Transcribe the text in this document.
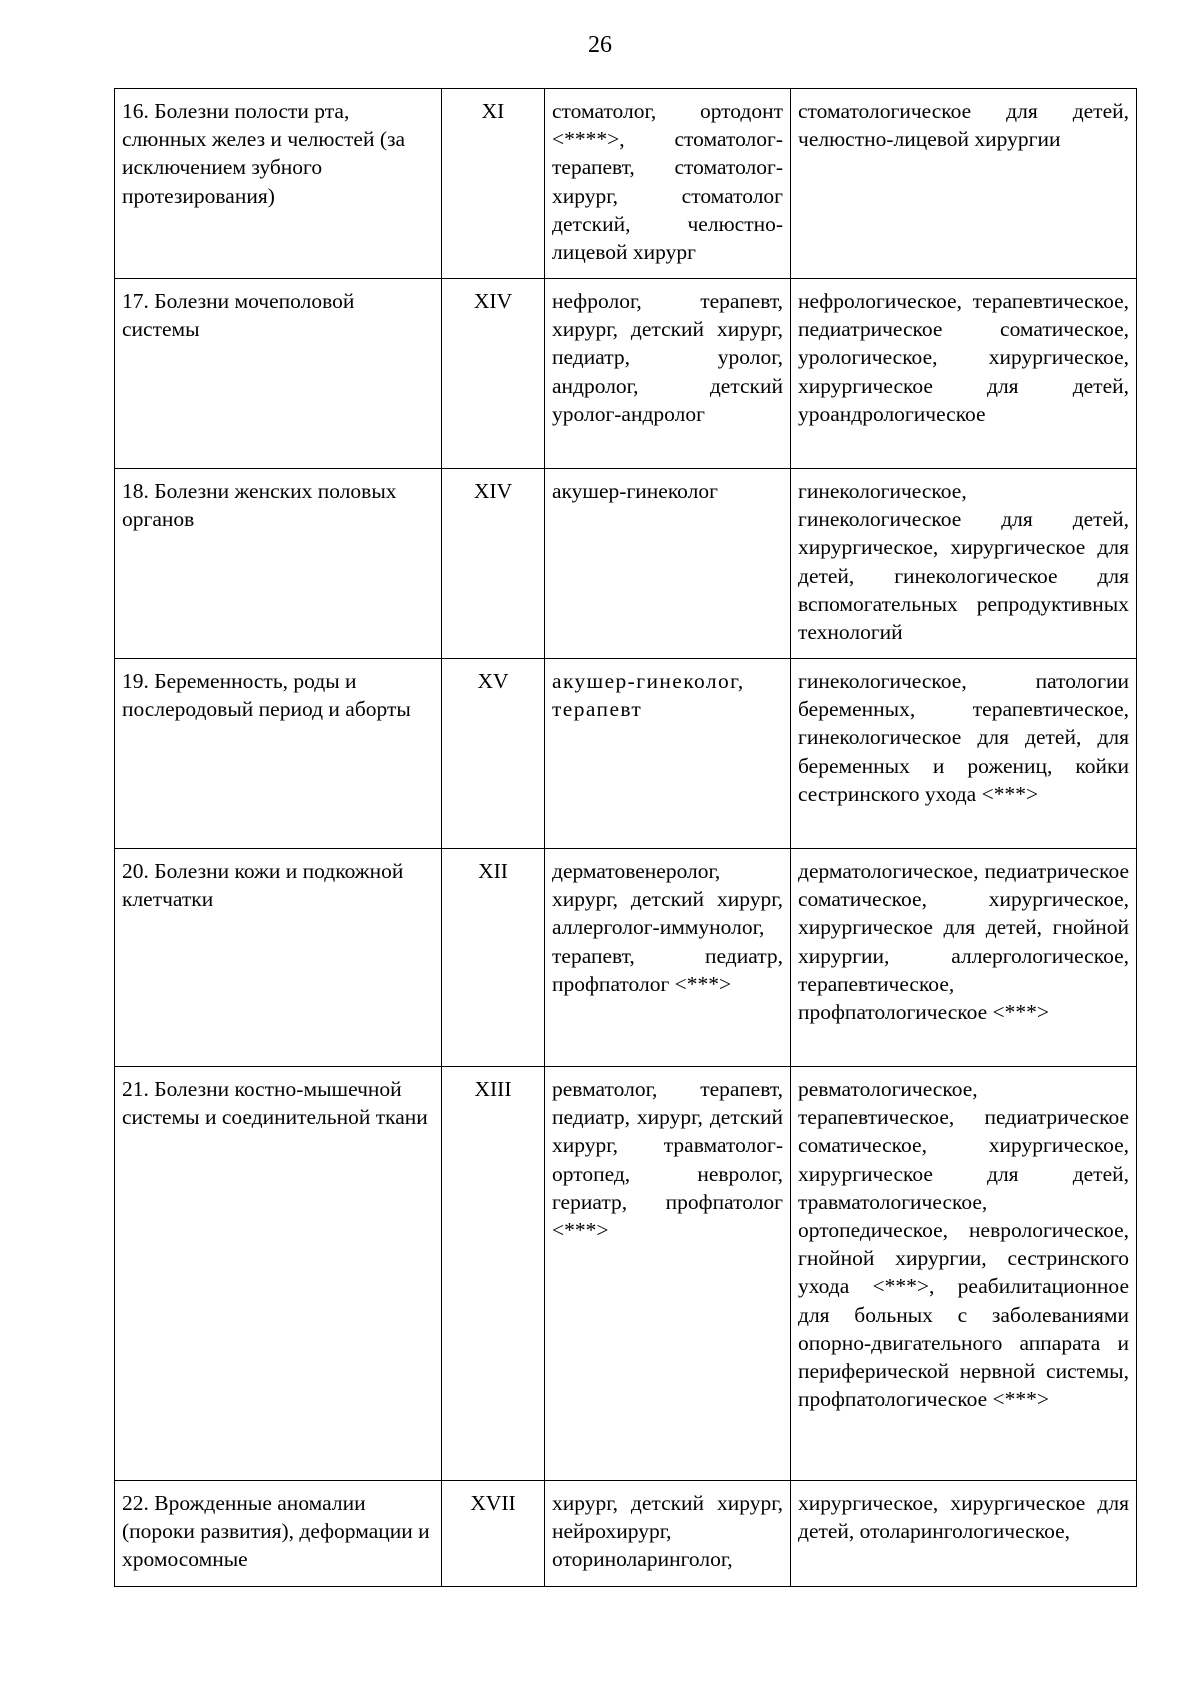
26
16. Болезни полости рта, слюнных желез и челюстей (за исключением зубного протезирования)	XI	стоматолог, ортодонт <****>, стоматолог-терапевт, стоматолог-хирург, стоматолог детский, челюстно-лицевой хирург	стоматологическое для детей, челюстно-лицевой хирургии
17. Болезни мочеполовой системы	XIV	нефролог, терапевт, хирург, детский хирург, педиатр, уролог, андролог, детский уролог-андролог	нефрологическое, терапевтическое, педиатрическое соматическое, урологическое, хирургическое, хирургическое для детей, уроандрологическое
18. Болезни женских половых органов	XIV	акушер-гинеколог	гинекологическое, гинекологическое для детей, хирургическое, хирургическое для детей, гинекологическое для вспомогательных репродуктивных технологий
19. Беременность, роды и послеродовый период и аборты	XV	акушер-гинеколог, терапевт	гинекологическое, патологии беременных, терапевтическое, гинекологическое для детей, для беременных и рожениц, койки сестринского ухода <***>
20. Болезни кожи и подкожной клетчатки	XII	дерматовенеролог, хирург, детский хирург, аллерголог-иммунолог, терапевт, педиатр, профпатолог <***>	дерматологическое, педиатрическое соматическое, хирургическое, хирургическое для детей, гнойной хирургии, аллергологическое, терапевтическое, профпатологическое <***>
21. Болезни костно-мышечной системы и соединительной ткани	XIII	ревматолог, терапевт, педиатр, хирург, детский хирург, травматолог-ортопед, невролог, гериатр, профпатолог <***>	ревматологическое, терапевтическое, педиатрическое соматическое, хирургическое, хирургическое для детей, травматологическое, ортопедическое, неврологическое, гнойной хирургии, сестринского ухода <***>, реабилитационное для больных с заболеваниями опорно-двигательного аппарата и периферической нервной системы, профпатологическое <***>
22. Врожденные аномалии (пороки развития), деформации и хромосомные	XVII	хирург, детский хирург, нейрохирург, оториноларинголог,	хирургическое, хирургическое для детей, отоларингологическое,
